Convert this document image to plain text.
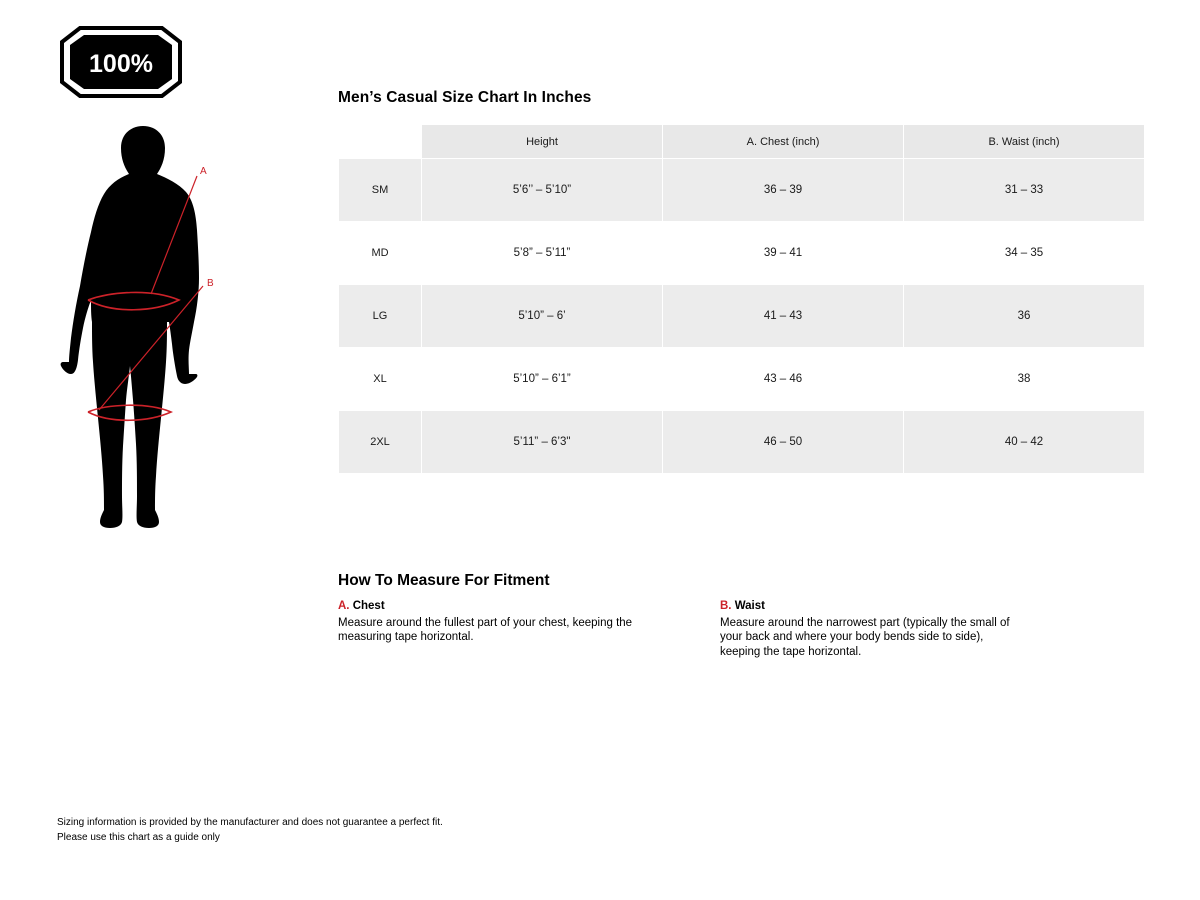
100%
A
B
Men’s Casual Size Chart In Inches
	Height	A. Chest (inch)	B. Waist (inch)
SM	5’6’’ – 5’10”	36 – 39	31 – 33
MD	5’8” – 5’11”	39 – 41	34 – 35
LG	5’10” – 6’	41 – 43	36
XL	5’10” – 6’1”	43 – 46	38
2XL	5’11” – 6’3"	46 – 50	40 – 42
How To Measure For Fitment
A. Chest
Measure around the fullest part of your chest, keeping the measuring tape horizontal.
B. Waist
Measure around the narrowest part (typically the small of your back and where your body bends side to side), keeping the tape horizontal.
Sizing information is provided by the manufacturer and does not guarantee a perfect fit.
Please use this chart as a guide only
